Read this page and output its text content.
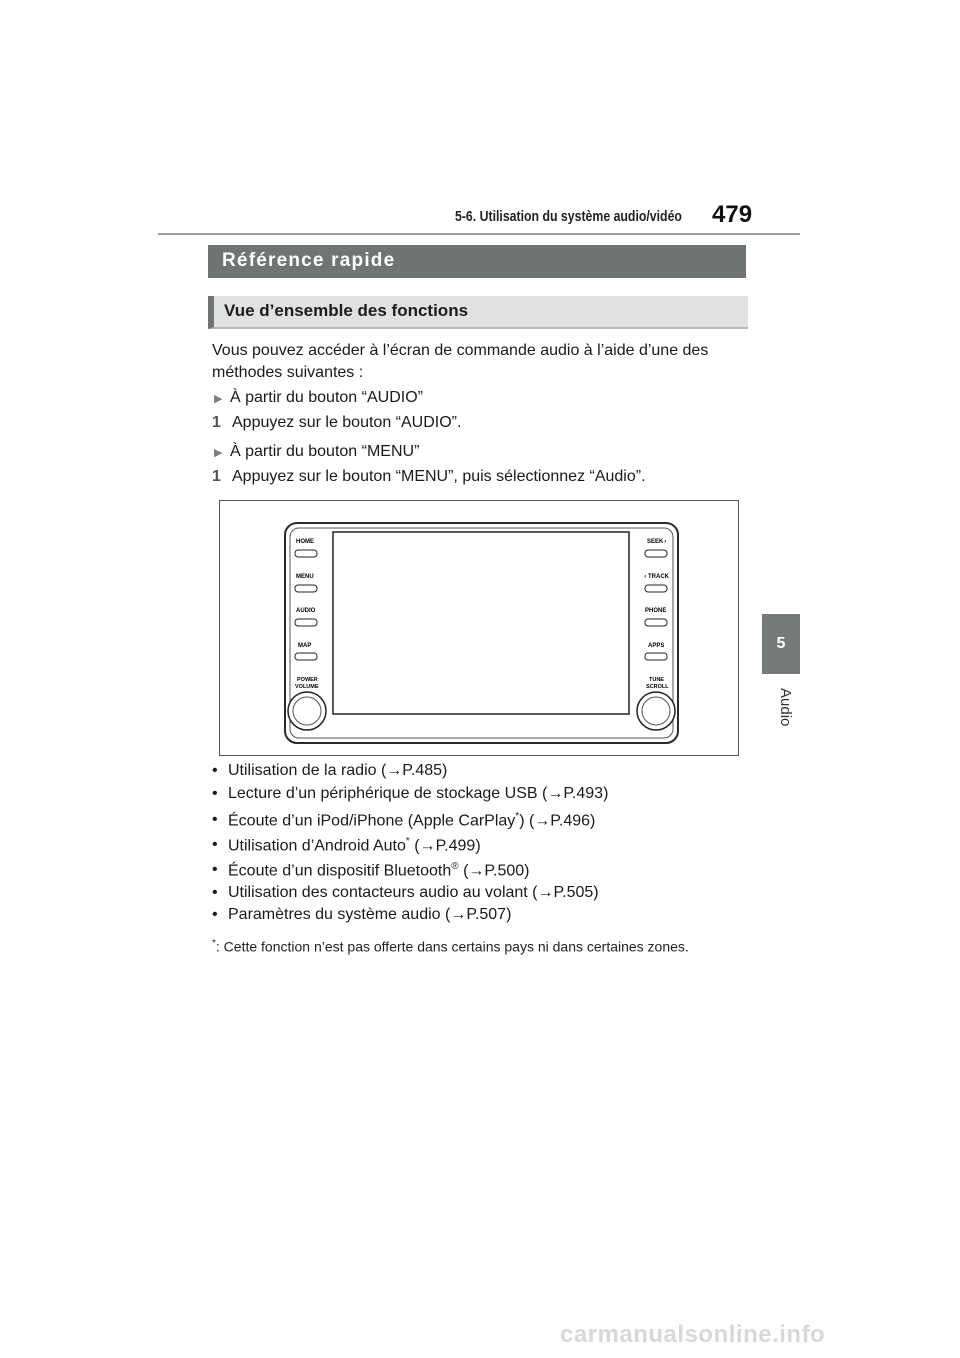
5-6. Utilisation du système audio/vidéo 479
5
Audio
Référence rapide
Vue d’ensemble des fonctions
Vous pouvez accéder à l’écran de commande audio à l’aide d’une des méthodes suivantes :
▶ À partir du bouton “AUDIO”
1 Appuyez sur le bouton “AUDIO”.
▶ À partir du bouton “MENU”
1 Appuyez sur le bouton “MENU”, puis sélectionnez “Audio”.
HOME
MENU
AUDIO
MAP
POWER
VOLUME
SEEK ›
‹ TRACK
PHONE
APPS
TUNE
SCROLL
• Utilisation de la radio (→P.485)
• Lecture d’un périphérique de stockage USB (→P.493)
• Écoute d’un iPod/iPhone (Apple CarPlay*) (→P.496)
• Utilisation d’Android Auto* (→P.499)
• Écoute d’un dispositif Bluetooth® (→P.500)
• Utilisation des contacteurs audio au volant (→P.505)
• Paramètres du système audio (→P.507)
*: Cette fonction n’est pas offerte dans certains pays ni dans certaines zones.
carmanualsonline.info
